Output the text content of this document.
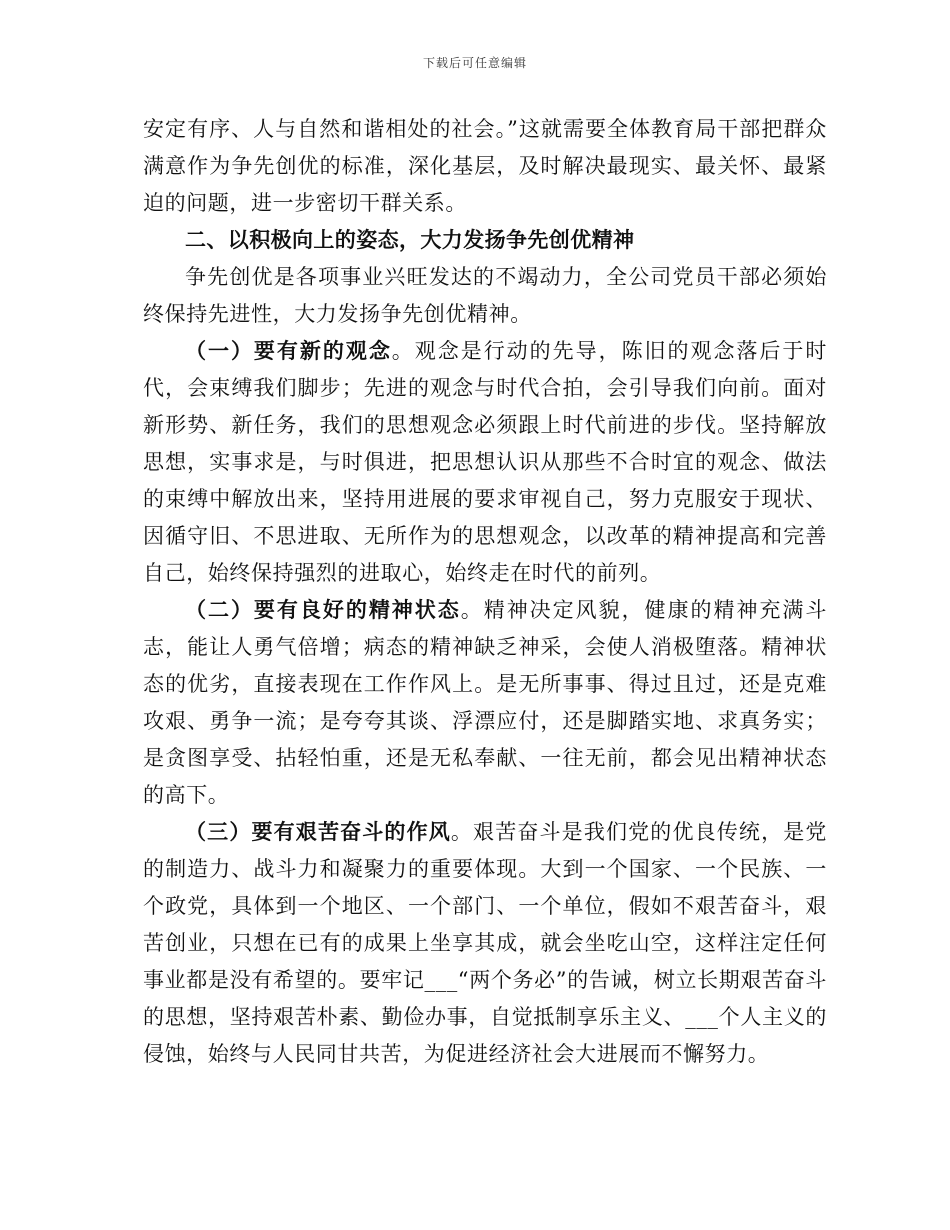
下载后可任意编辑

安定有序、人与自然和谐相处的社会。”这就需要全体教育局干部把群众满意作为争先创优的标准，深化基层，及时解决最现实、最关怀、最紧迫的问题，进一步密切干群关系。

二、以积极向上的姿态，大力发扬争先创优精神

争先创优是各项事业兴旺发达的不竭动力，全公司党员干部必须始终保持先进性，大力发扬争先创优精神。

（一）要有新的观念。观念是行动的先导，陈旧的观念落后于时代，会束缚我们脚步；先进的观念与时代合拍，会引导我们向前。面对新形势、新任务，我们的思想观念必须跟上时代前进的步伐。坚持解放思想，实事求是，与时俱进，把思想认识从那些不合时宜的观念、做法的束缚中解放出来，坚持用进展的要求审视自己，努力克服安于现状、因循守旧、不思进取、无所作为的思想观念，以改革的精神提高和完善自己，始终保持强烈的进取心，始终走在时代的前列。

（二）要有良好的精神状态。精神决定风貌，健康的精神充满斗志，能让人勇气倍增；病态的精神缺乏神采，会使人消极堕落。精神状态的优劣，直接表现在工作作风上。是无所事事、得过且过，还是克难攻艰、勇争一流；是夸夸其谈、浮漂应付，还是脚踏实地、求真务实；是贪图享受、拈轻怕重，还是无私奉献、一往无前，都会见出精神状态的高下。

（三）要有艰苦奋斗的作风。艰苦奋斗是我们党的优良传统，是党的制造力、战斗力和凝聚力的重要体现。大到一个国家、一个民族、一个政党，具体到一个地区、一个部门、一个单位，假如不艰苦奋斗，艰苦创业，只想在已有的成果上坐享其成，就会坐吃山空，这样注定任何事业都是没有希望的。要牢记___“两个务必”的告诫，树立长期艰苦奋斗的思想，坚持艰苦朴素、勤俭办事，自觉抵制享乐主义、___个人主义的侵蚀，始终与人民同甘共苦，为促进经济社会大进展而不懈努力。
